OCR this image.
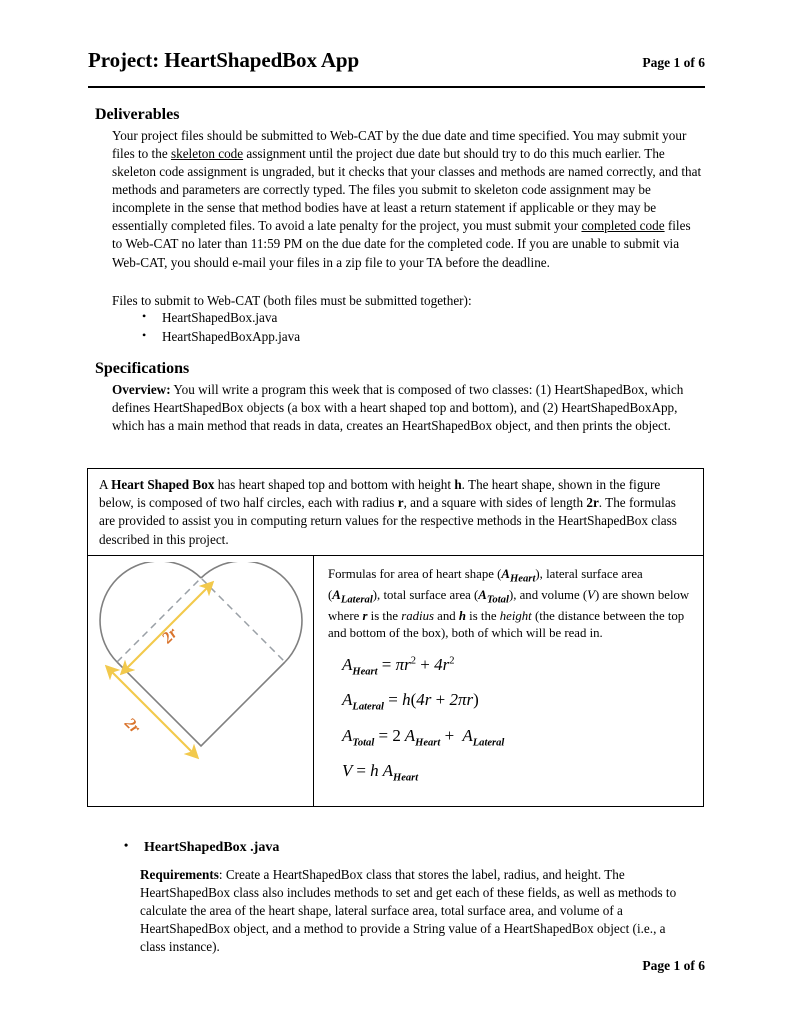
Project: HeartShapedBox App	Page 1 of 6
Deliverables
Your project files should be submitted to Web-CAT by the due date and time specified. You may submit your files to the skeleton code assignment until the project due date but should try to do this much earlier. The skeleton code assignment is ungraded, but it checks that your classes and methods are named correctly, and that methods and parameters are correctly typed. The files you submit to skeleton code assignment may be incomplete in the sense that method bodies have at least a return statement if applicable or they may be essentially completed files. To avoid a late penalty for the project, you must submit your completed code files to Web-CAT no later than 11:59 PM on the due date for the completed code. If you are unable to submit via Web-CAT, you should e-mail your files in a zip file to your TA before the deadline.
Files to submit to Web-CAT (both files must be submitted together):
• HeartShapedBox.java
• HeartShapedBoxApp.java
Specifications
Overview: You will write a program this week that is composed of two classes: (1) HeartShapedBox, which defines HeartShapedBox objects (a box with a heart shaped top and bottom), and (2) HeartShapedBoxApp, which has a main method that reads in data, creates an HeartShapedBox object, and then prints the object.

A Heart Shaped Box has heart shaped top and bottom with height h. The heart shape, shown in the figure below, is composed of two half circles, each with radius r, and a square with sides of length 2r. The formulas are provided to assist you in computing return values for the respective methods in the HeartShapedBox class described in this project.

2r
2r

Formulas for area of heart shape $(A_{Heart})$, lateral surface area $(A_{Lateral})$, total surface area $(A_{Total})$, and volume (V) are shown below where r is the radius and h is the height (the distance between the top and bottom of the box), both of which will be read in.

$A_{Heart} = \pi r^2 + 4r^2$
$A_{Lateral} = h(4r + 2\pi r)$
$A_{Total} = 2$ $A_{Heart} + A_{Lateral}$
V = h $A_{Heart}$
• HeartShapedBox .java
Requirements: Create a HeartShapedBox class that stores the label, radius, and height. The HeartShapedBox class also includes methods to set and get each of these fields, as well as methods to calculate the area of the heart shape, lateral surface area, total surface area, and volume of a HeartShapedBox object, and a method to provide a String value of a HeartShapedBox object (i.e., a class instance).
Page 1 of 6
